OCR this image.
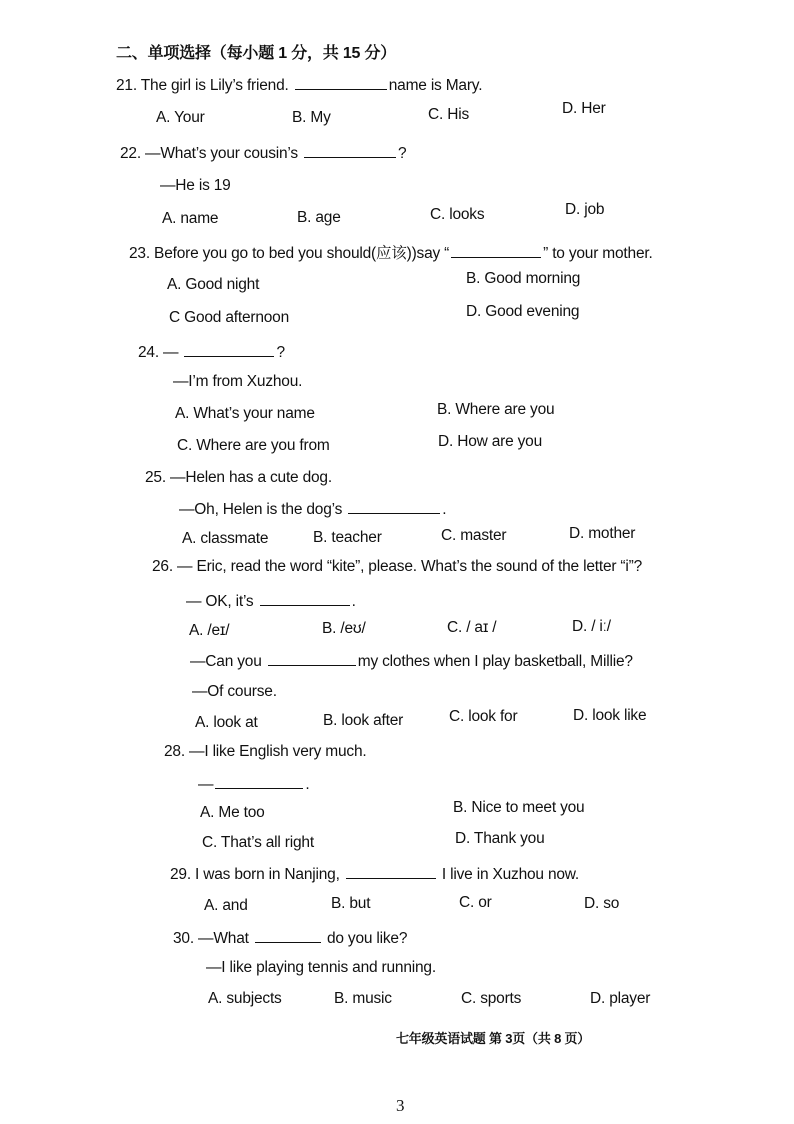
二、单项选择（每小题 1 分，共 15 分）
21. The girl is Lily’s friend.	name is Mary.
A. Your	B. My	C. His	D. Her
22. —What’s your cousin’s	?
—He is 19
A. name	B. age	C. looks	D. job
23. Before you go to bed you should(应该))say “	” to your mother.
A. Good night	B. Good morning
C Good afternoon	D. Good evening
24. —	?
—I’m from Xuzhou.
A. What’s your name	B. Where are you
C. Where are you from	D. How are you
25. —Helen has a cute dog.
—Oh, Helen is the dog’s	.
A. classmate	B. teacher	C. master	D. mother
26. — Eric, read the word “kite”, please. What’s the sound of the letter “i”?
— OK, it’s	.
A. /eɪ/	B. /eʊ/	C. / aɪ /	D. / iː/
—Can you	my clothes when I play basketball, Millie?
—Of course.
A. look at	B. look after	C. look for	D. look like
28. —I like English very much.
—	.
A. Me too	B. Nice to meet you
C. That’s all right	D. Thank you
29. I was born in Nanjing,	I live in Xuzhou now.
A. and	B. but	C. or	D. so
30. —What	do you like?
—I like playing tennis and running.
A. subjects	B. music	C. sports	D. player
七年级英语试题 第 3页（共 8 页）
3
